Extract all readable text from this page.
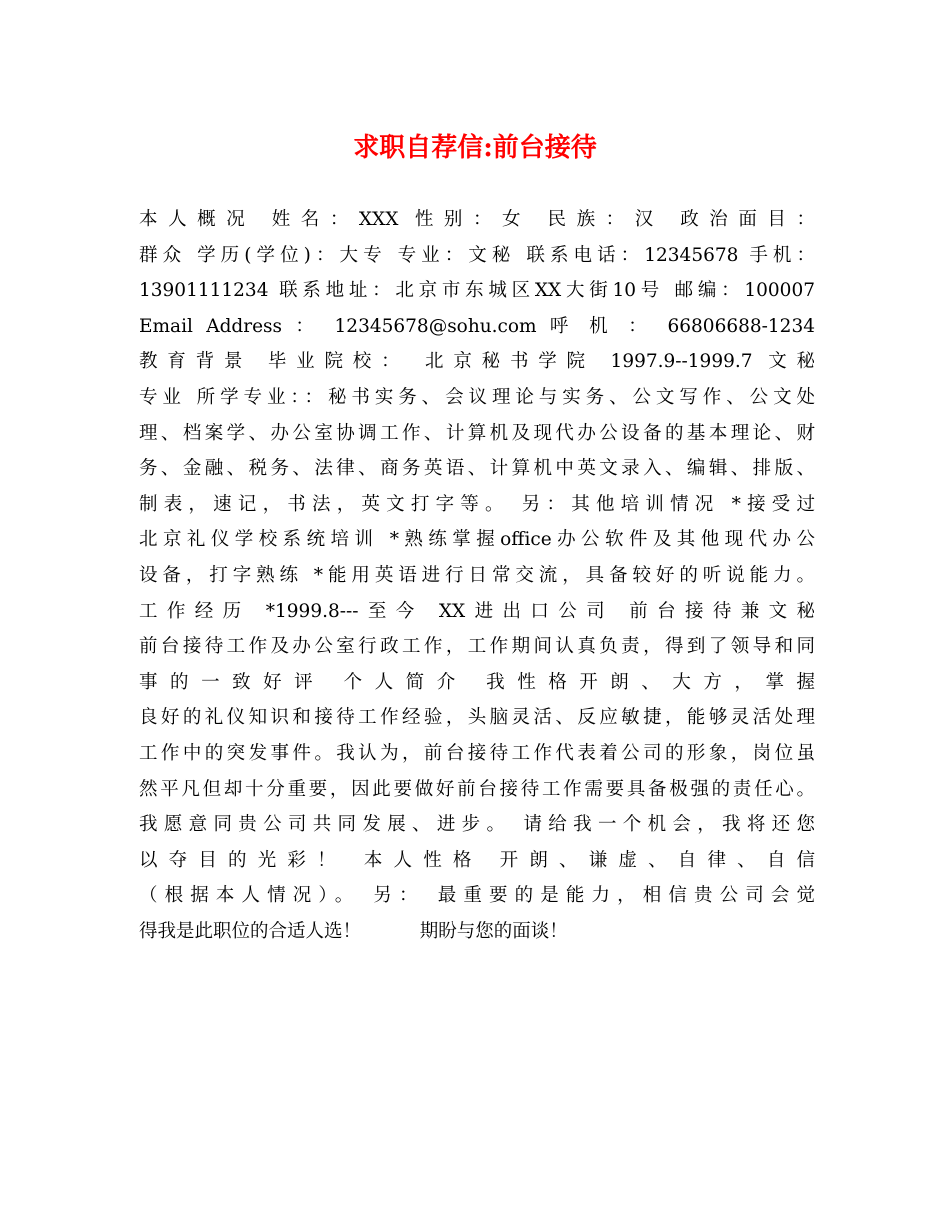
求职自荐信:前台接待
本人概况 姓名：XXX 性别：女 民族：汉 政治面目：
群众 学历(学位)：大专 专业：文秘 联系电话：12345678 手机：
13901111234 联系地址：北京市东城区XX大街10号 邮编：100007
Email Address ： 12345678@sohu.com 呼 机 ： 66806688-1234
教育背景 毕业院校： 北京秘书学院 1997.9--1999.7 文秘
专业 所学专业：：秘书实务、会议理论与实务、公文写作、公文处
理、档案学、办公室协调工作、计算机及现代办公设备的基本理论、财
务、金融、税务、法律、商务英语、计算机中英文录入、编辑、排版、
制表，速记，书法，英文打字等。 另：其他培训情况 *接受过
北京礼仪学校系统培训 *熟练掌握office办公软件及其他现代办公
设备，打字熟练 *能用英语进行日常交流，具备较好的听说能力。
工作经历 *1999.8---至今 XX进出口公司 前台接待兼文秘
前台接待工作及办公室行政工作，工作期间认真负责，得到了领导和同
事的一致好评 个人简介 我性格开朗、大方，掌握
良好的礼仪知识和接待工作经验，头脑灵活、反应敏捷，能够灵活处理
工作中的突发事件。我认为，前台接待工作代表着公司的形象，岗位虽
然平凡但却十分重要，因此要做好前台接待工作需要具备极强的责任心。
我愿意同贵公司共同发展、进步。 请给我一个机会，我将还您
以夺目的光彩！ 本人性格 开朗、谦虚、自律、自信
（根据本人情况）。 另： 最重要的是能力，相信贵公司会觉
得我是此职位的合适人选！          期盼与您的面谈！
